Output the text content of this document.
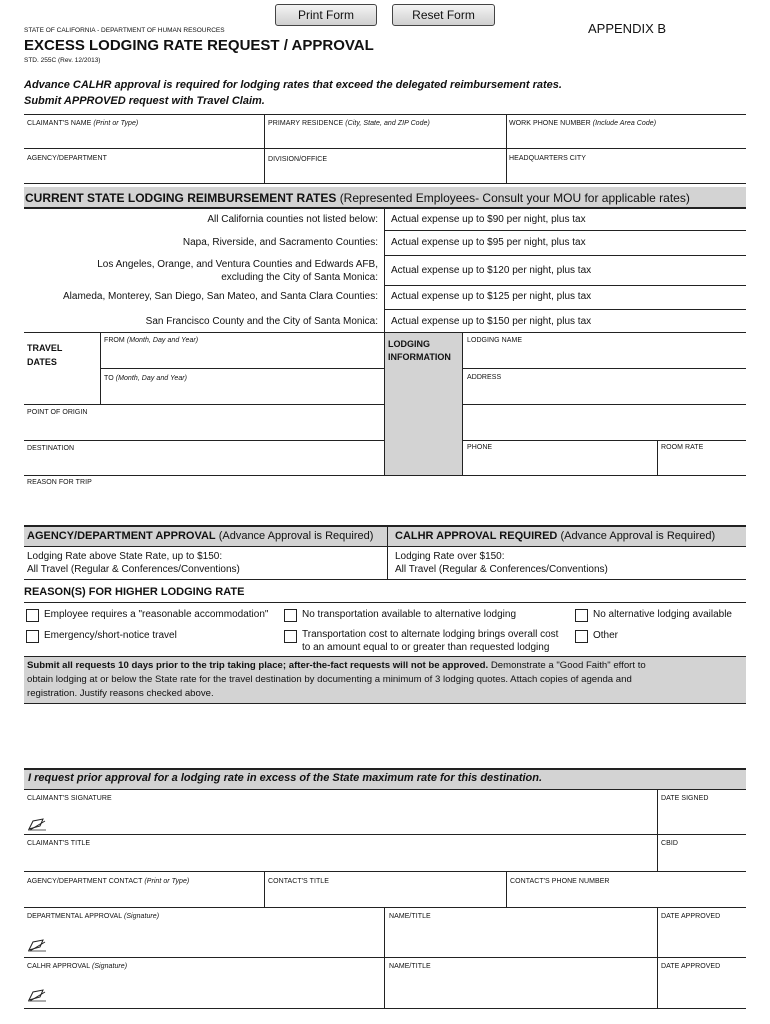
Print Form	Reset Form
STATE OF CALIFORNIA - DEPARTMENT OF HUMAN RESOURCES	APPENDIX B
EXCESS LODGING RATE REQUEST / APPROVAL
STD. 255C (Rev. 12/2013)
Advance CALHR approval is required for lodging rates that exceed the delegated reimbursement rates.
Submit APPROVED request with Travel Claim.
CLAIMANT'S NAME (Print or Type)	PRIMARY RESIDENCE (City, State, and ZIP Code)	WORK PHONE NUMBER (Include Area Code)
AGENCY/DEPARTMENT	DIVISION/OFFICE	HEADQUARTERS CITY
CURRENT STATE LODGING REIMBURSEMENT RATES (Represented Employees- Consult your MOU for applicable rates)
All California counties not listed below: Actual expense up to $90 per night, plus tax
Napa, Riverside, and Sacramento Counties: Actual expense up to $95 per night, plus tax
Los Angeles, Orange, and Ventura Counties and Edwards AFB,
excluding the City of Santa Monica:
Actual expense up to $120 per night, plus tax
Alameda, Monterey, San Diego, San Mateo, and Santa Clara Counties: Actual expense up to $125 per night, plus tax
San Francisco County and the City of Santa Monica: Actual expense up to $150 per night, plus tax
TRAVEL
DATES
FROM (Month, Day and Year)
TO (Month, Day and Year)
POINT OF ORIGIN
DESTINATION
LODGING
INFORMATION
LODGING NAME
ADDRESS
PHONE	ROOM RATE
REASON FOR TRIP
AGENCY/DEPARTMENT APPROVAL (Advance Approval is Required) CALHR APPROVAL REQUIRED (Advance Approval is Required)
Lodging Rate above State Rate, up to $150:
All Travel (Regular & Conferences/Conventions)
Lodging Rate over $150:
All Travel (Regular & Conferences/Conventions)
REASON(S) FOR HIGHER LODGING RATE
Employee requires a "reasonable accommodation"	No transportation available to alternative lodging	No alternative lodging available
Emergency/short-notice travel	Transportation cost to alternate lodging brings overall cost
to an amount equal to or greater than requested lodging
Other
Submit all requests 10 days prior to the trip taking place; after-the-fact requests will not be approved. Demonstrate a "Good Faith" effort to
obtain lodging at or below the State rate for the travel destination by documenting a minimum of 3 lodging quotes. Attach copies of agenda and
registration. Justify reasons checked above.
I request prior approval for a lodging rate in excess of the State maximum rate for this destination.
CLAIMANT'S SIGNATURE	DATE SIGNED
CLAIMANT'S TITLE	CBID
AGENCY/DEPARTMENT CONTACT (Print or Type)	CONTACT'S TITLE	CONTACT'S PHONE NUMBER
DEPARTMENTAL APPROVAL (Signature)	NAME/TITLE	DATE APPROVED
CALHR APPROVAL (Signature)	NAME/TITLE	DATE APPROVED
